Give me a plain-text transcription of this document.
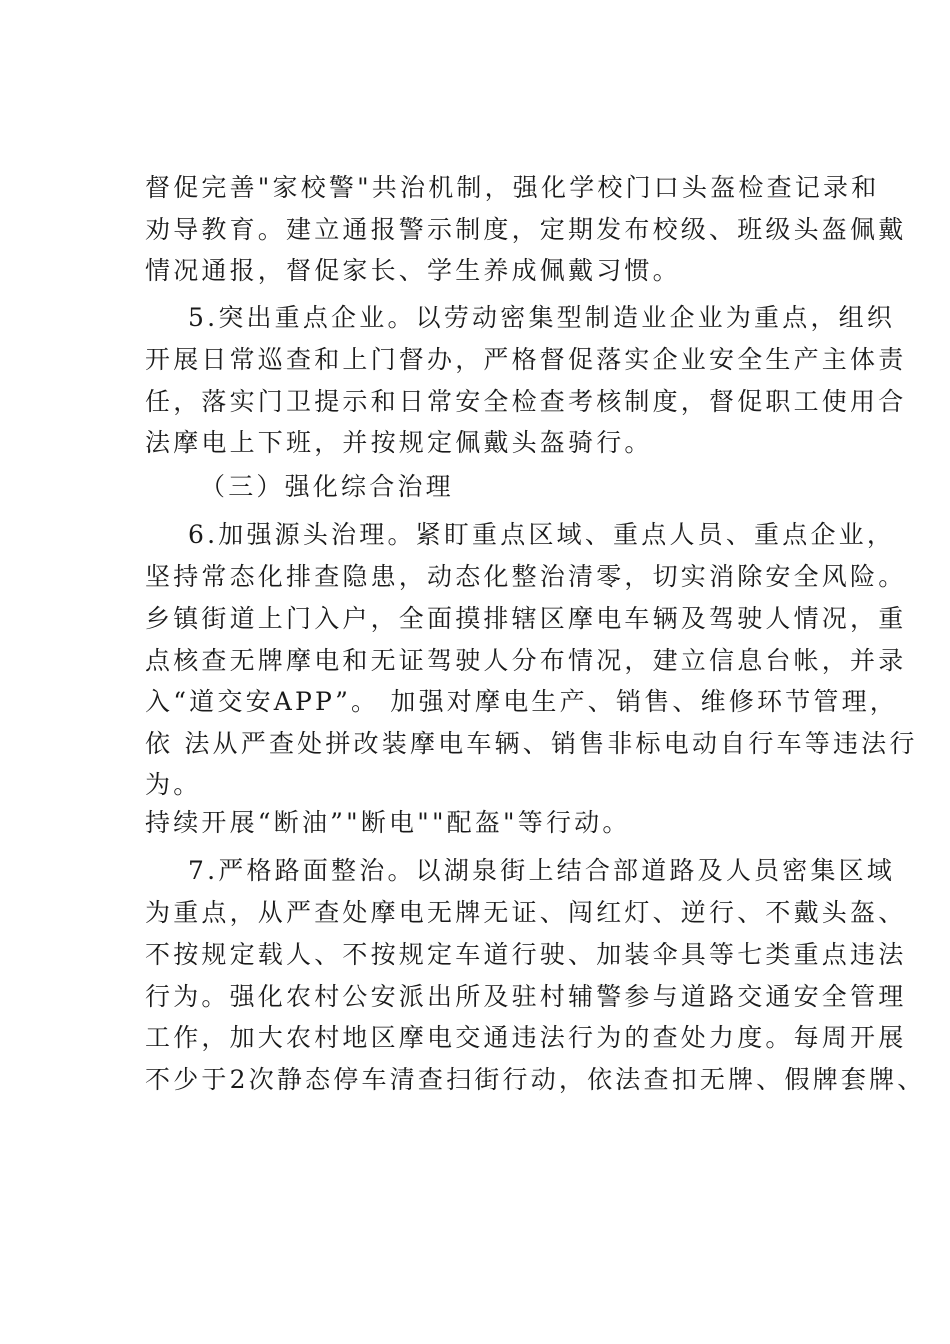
督促完善"家校警"共治机制，强化学校门口头盔检查记录和
劝导教育。建立通报警示制度，定期发布校级、班级头盔佩戴
情况通报，督促家长、学生养成佩戴习惯。
5.突出重点企业。以劳动密集型制造业企业为重点，组织
开展日常巡查和上门督办，严格督促落实企业安全生产主体责
任，落实门卫提示和日常安全检查考核制度，督促职工使用合
法摩电上下班，并按规定佩戴头盔骑行。
（三）强化综合治理
6.加强源头治理。紧盯重点区域、重点人员、重点企业，
坚持常态化排查隐患，动态化整治清零，切实消除安全风险。
乡镇街道上门入户，全面摸排辖区摩电车辆及驾驶人情况，重
点核查无牌摩电和无证驾驶人分布情况，建立信息台帐，并录
入“道交安APP”。 加强对摩电生产、销售、维修环节管理，
依 法从严查处拼改装摩电车辆、销售非标电动自行车等违法行
为。
持续开展“断油”"断电""配盔"等行动。
7.严格路面整治。以湖泉街上结合部道路及人员密集区域
为重点，从严查处摩电无牌无证、闯红灯、逆行、不戴头盔、
不按规定载人、不按规定车道行驶、加装伞具等七类重点违法
行为。强化农村公安派出所及驻村辅警参与道路交通安全管理
工作，加大农村地区摩电交通违法行为的查处力度。每周开展
不少于2次静态停车清查扫街行动，依法查扣无牌、假牌套牌、
